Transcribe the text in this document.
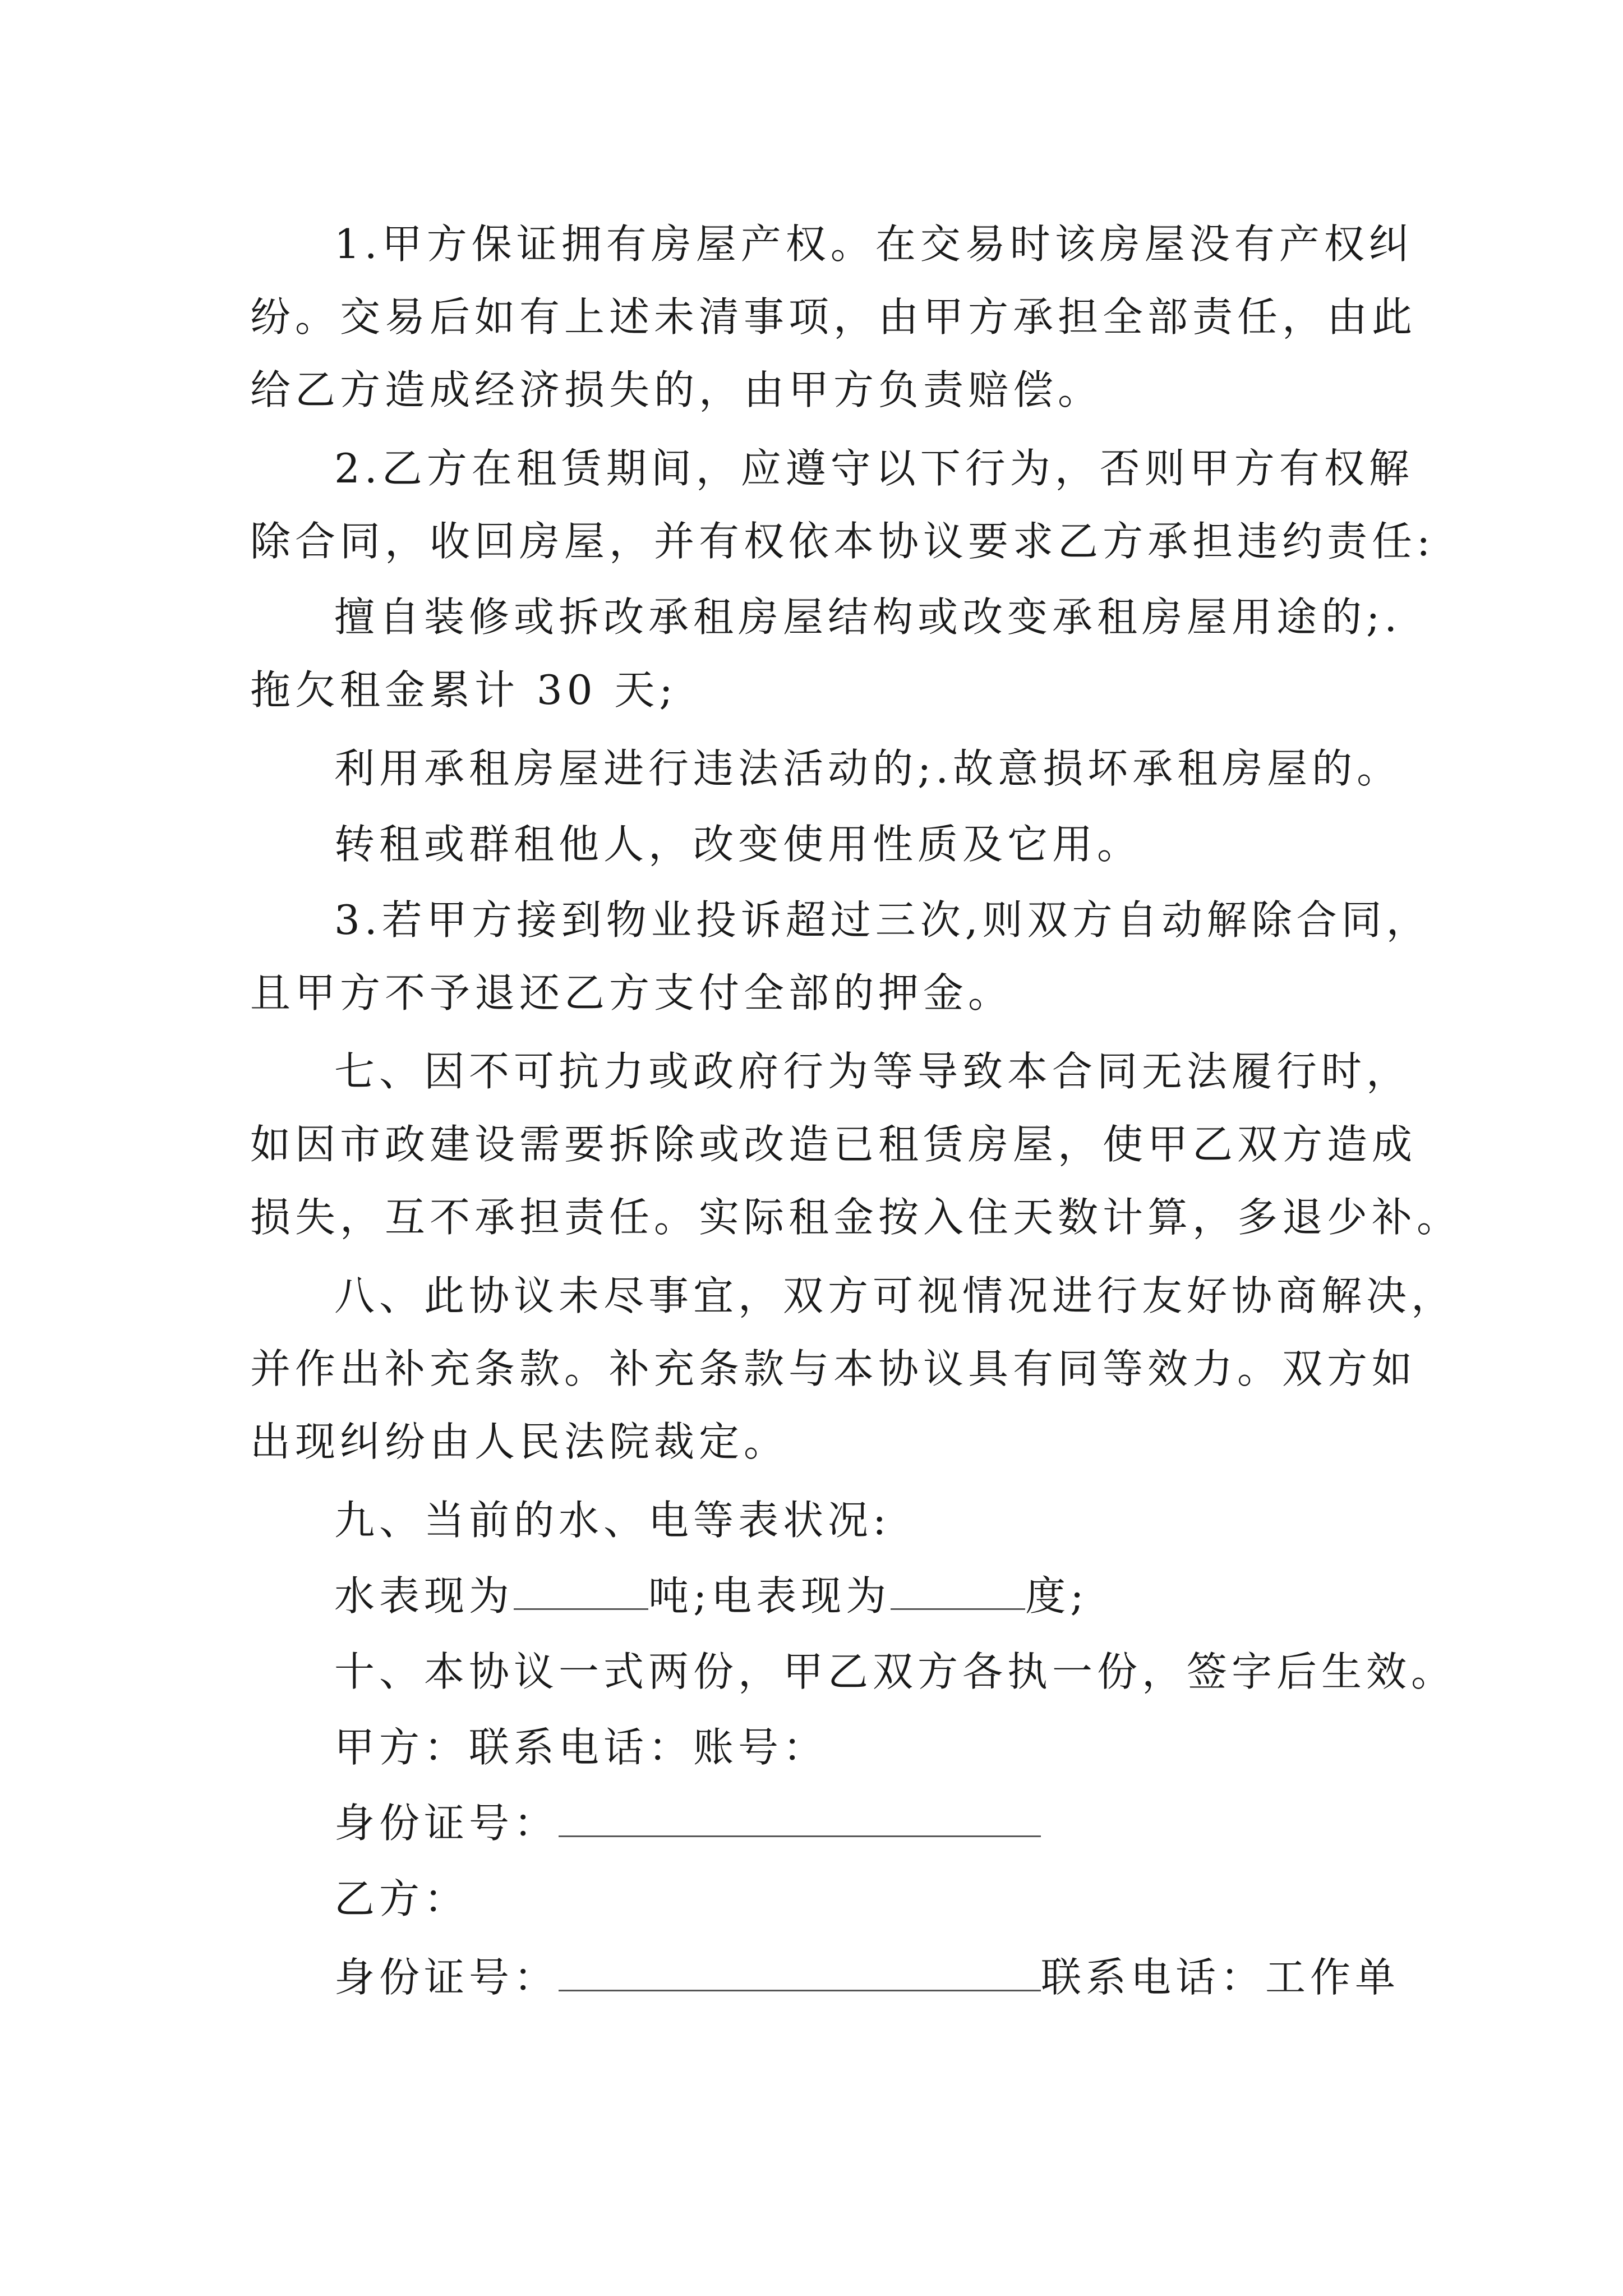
1.甲方保证拥有房屋产权。在交易时该房屋没有产权纠
纷。交易后如有上述未清事项，由甲方承担全部责任，由此
给乙方造成经济损失的，由甲方负责赔偿。
2.乙方在租赁期间，应遵守以下行为，否则甲方有权解
除合同，收回房屋，并有权依本协议要求乙方承担违约责任:
擅自装修或拆改承租房屋结构或改变承租房屋用途的;.
拖欠租金累计 30 天;
利用承租房屋进行违法活动的;.故意损坏承租房屋的。
转租或群租他人，改变使用性质及它用。
3.若甲方接到物业投诉超过三次,则双方自动解除合同，
且甲方不予退还乙方支付全部的押金。
七、因不可抗力或政府行为等导致本合同无法履行时，
如因市政建设需要拆除或改造已租赁房屋，使甲乙双方造成
损失，互不承担责任。实际租金按入住天数计算，多退少补。
八、此协议未尽事宜，双方可视情况进行友好协商解决，
并作出补充条款。补充条款与本协议具有同等效力。双方如
出现纠纷由人民法院裁定。
九、当前的水、电等表状况:
水表现为	吨;电表现为	度;
十、本协议一式两份，甲乙双方各执一份，签字后生效。
甲方：联系电话：账号：
身份证号：
乙方：
身份证号：	联系电话：工作单
